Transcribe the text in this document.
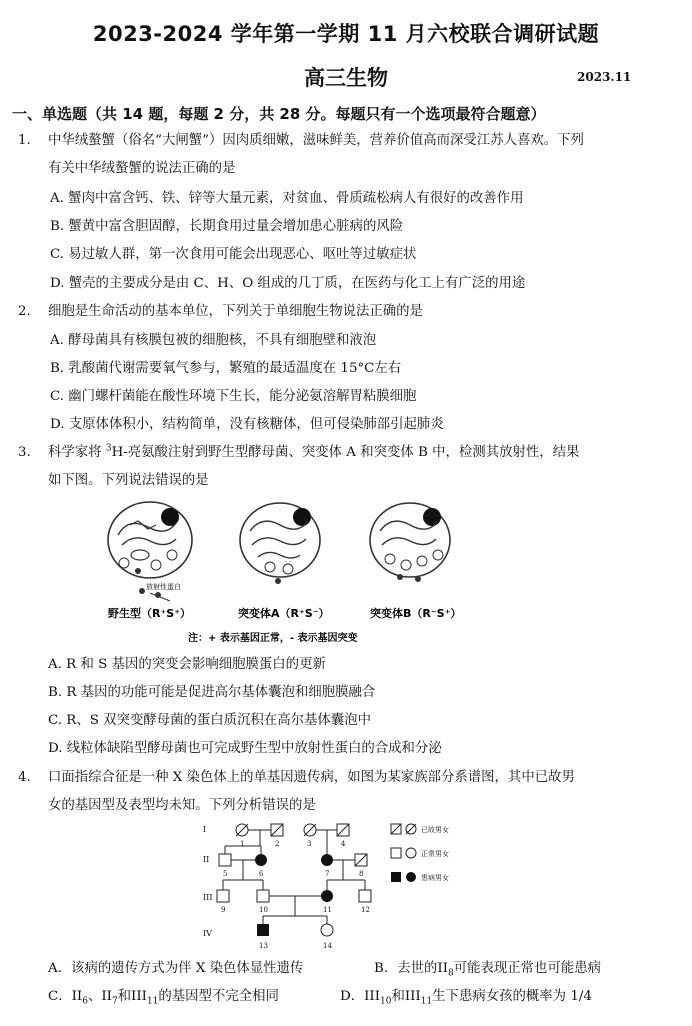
2023-2024 学年第一学期 11 月六校联合调研试题
高三生物	2023.11
一、单选题（共 14 题，每题 2 分，共 28 分。每题只有一个选项最符合题意）
1. 中华绒螯蟹（俗名“大闸蟹”）因肉质细嫩，滋味鲜美，营养价值高而深受江苏人喜欢。下列
有关中华绒螯蟹的说法正确的是
A. 蟹肉中富含钙、铁、锌等大量元素，对贫血、骨质疏松病人有很好的改善作用
B. 蟹黄中富含胆固醇，长期食用过量会增加患心脏病的风险
C. 易过敏人群，第一次食用可能会出现恶心、呕吐等过敏症状
D. 蟹壳的主要成分是由 C、H、O 组成的几丁质，在医药与化工上有广泛的用途
2. 细胞是生命活动的基本单位，下列关于单细胞生物说法正确的是
A. 酵母菌具有核膜包被的细胞核，不具有细胞壁和液泡
B. 乳酸菌代谢需要氧气参与，繁殖的最适温度在 15°C左右
C. 幽门螺杆菌能在酸性环境下生长，能分泌氨溶解胃粘膜细胞
D. 支原体体积小，结构简单，没有核糖体，但可侵染肺部引起肺炎
3. 科学家将 $^3$H-亮氨酸注射到野生型酵母菌、突变体 A 和突变体 B 中，检测其放射性，结果
如下图。下列说法错误的是
放射性蛋白
野生型（R⁺S⁺）	突变体A（R⁺S⁻）	突变体B（R⁻S⁺）
注：+ 表示基因正常，- 表示基因突变
A. R 和 S 基因的突变会影响细胞膜蛋白的更新
B. R 基因的功能可能是促进高尔基体囊泡和细胞膜融合
C. R、S 双突变酵母菌的蛋白质沉积在高尔基体囊泡中
D. 线粒体缺陷型酵母菌也可完成野生型中放射性蛋白的合成和分泌
4. 口面指综合征是一种 X 染色体上的单基因遗传病，如图为某家族部分系谱图，其中已故男
女的基因型及表型均未知。下列分析错误的是
I
II
III
IV
1	2	3	4
5	6	7	8
9	10	11	12
13	14
已故男女
正常男女
患病男女
A．该病的遗传方式为伴 X 染色体显性遗传	B．去世的$II_8$可能表现正常也可能患病
C．$II_6$、$II_7$和$III_{11}$的基因型不完全相同	D．$III_{10}$和$III_{11}$生下患病女孩的概率为 1/4
